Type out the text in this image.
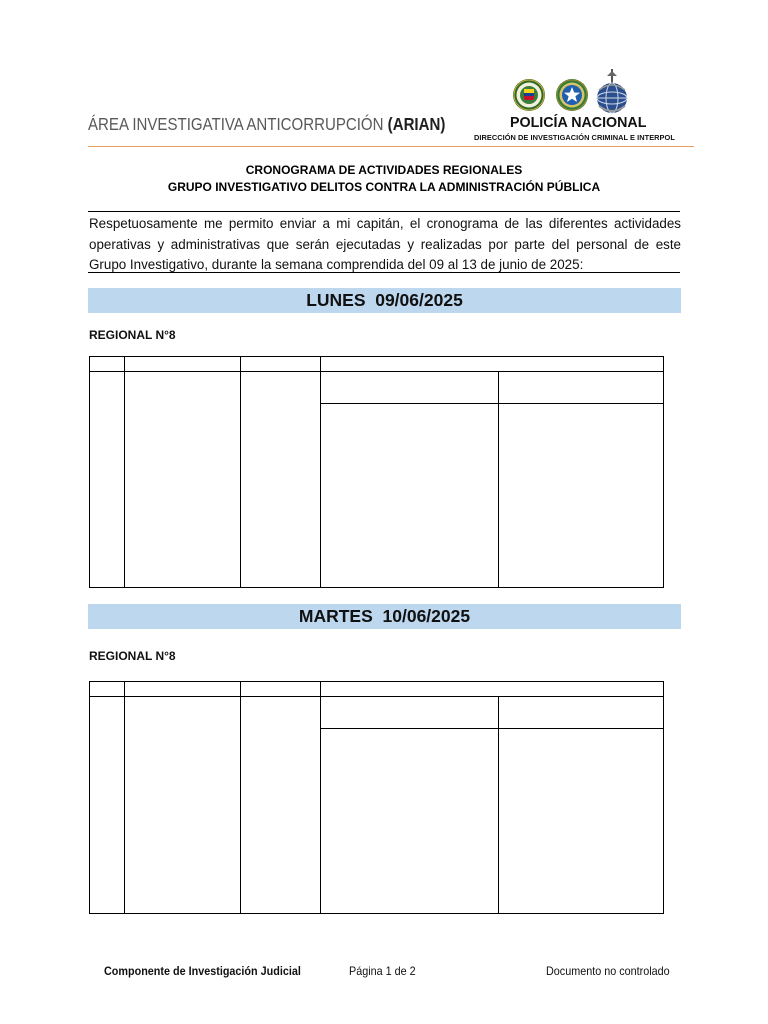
ÁREA INVESTIGATIVA ANTICORRUPCIÓN (ARIAN)	POLICÍA NACIONAL
DIRECCIÓN DE INVESTIGACIÓN CRIMINAL E INTERPOL
CRONOGRAMA DE ACTIVIDADES REGIONALES
GRUPO INVESTIGATIVO DELITOS CONTRA LA ADMINISTRACIÓN PÚBLICA
Respetuosamente me permito enviar a mi capitán, el cronograma de las diferentes actividades operativas y administrativas que serán ejecutadas y realizadas por parte del personal de este Grupo Investigativo, durante la semana comprendida del 09 al 13 de junio de 2025:
LUNES  09/06/2025
REGIONAL N°8
MARTES  10/06/2025
REGIONAL N°8
Componente de Investigación Judicial	Página 1 de 2	Documento no controlado
